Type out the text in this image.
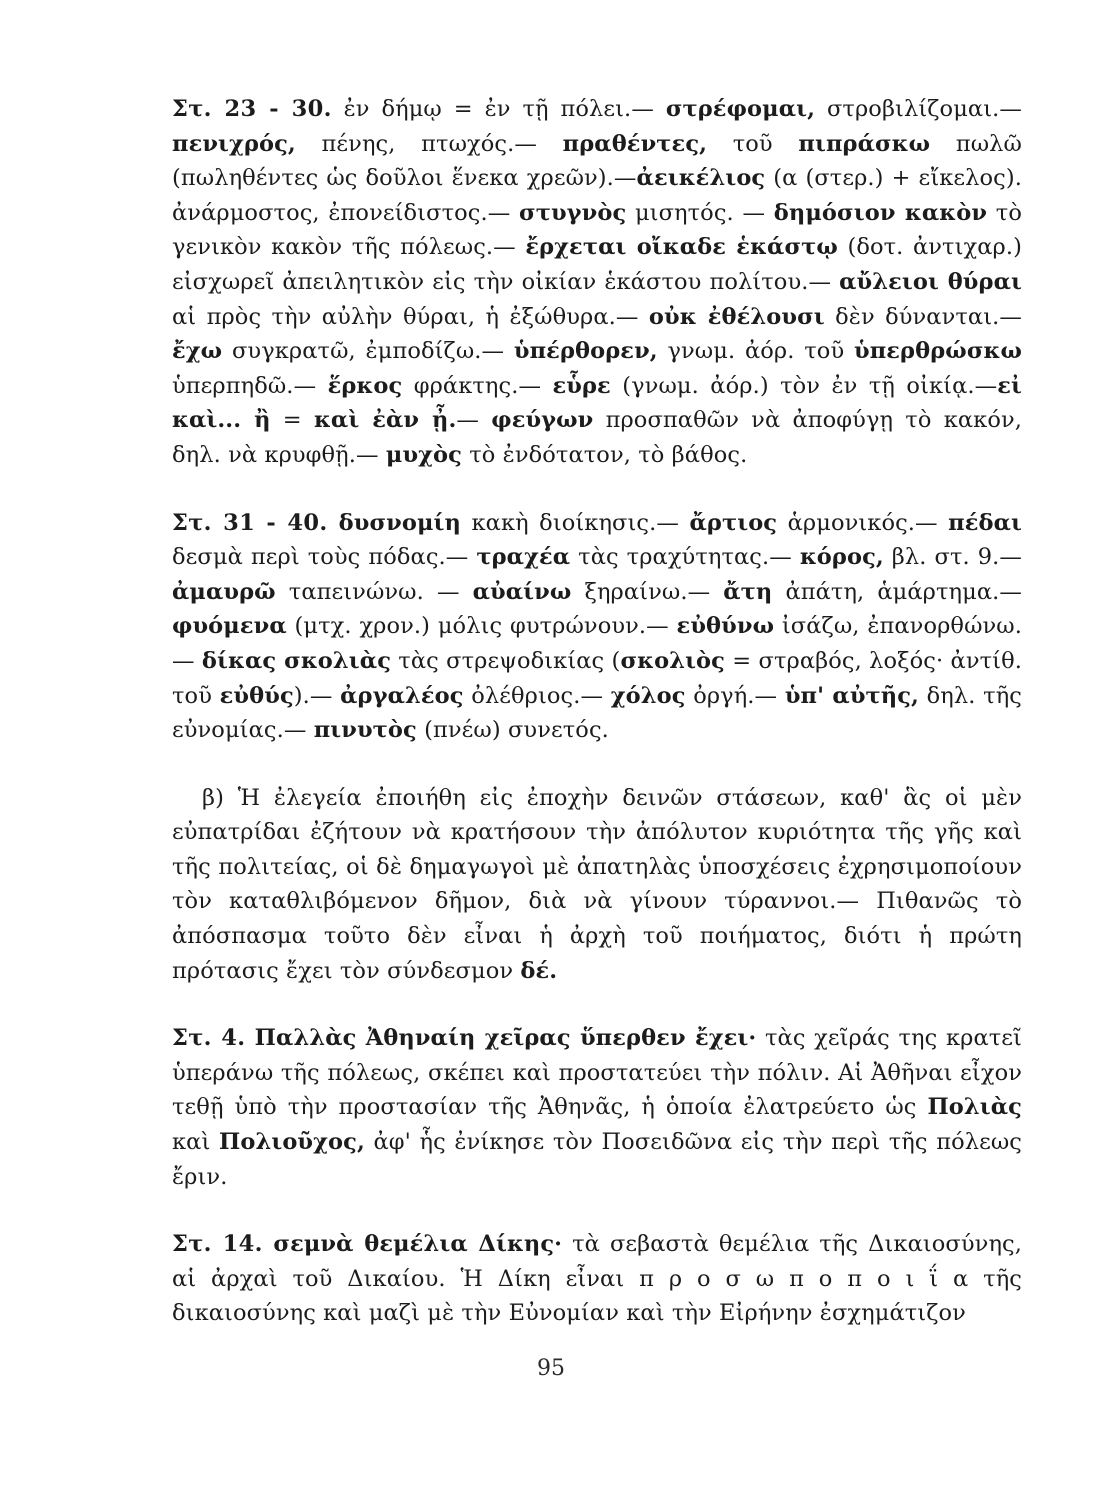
Στ. 23 - 30. ἐν δήμῳ = ἐν τῇ πόλει.— στρέφομαι, στροβιλίζομαι.— πενιχρός, πένης, πτωχός.— πραθέντες, τοῦ πιπράσκω πωλῶ (πωληθέντες ὡς δοῦλοι ἕνεκα χρεῶν).—ἀεικέλιος (α (στερ.) + εἴκελος). ἀνάρμοστος, ἐπονείδιστος.— στυγνὸς μισητός. — δημόσιον κακὸν τὸ γενικὸν κακὸν τῆς πόλεως.— ἔρχεται οἴκαδε ἑκάστῳ (δοτ. ἀντιχαρ.) εἰσχωρεῖ ἀπειλητικὸν εἰς τὴν οἰκίαν ἑκάστου πολίτου.— αὔλειοι θύραι αἱ πρὸς τὴν αὐλὴν θύραι, ἡ ἐξώθυρα.— οὐκ ἐθέλουσι δὲν δύνανται.— ἔχω συγκρατῶ, ἐμποδίζω.— ὑπέρθορεν, γνωμ. ἀόρ. τοῦ ὑπερθρώσκω ὑπερπηδῶ.— ἕρκος φράκτης.— εὗρε (γνωμ. ἀόρ.) τὸν ἐν τῇ οἰκίᾳ.—εἰ καὶ... ἢ = καὶ ἐὰν ᾖ.— φεύγων προσπαθῶν νὰ ἀποφύγῃ τὸ κακόν, δηλ. νὰ κρυφθῇ.— μυχὸς τὸ ἐνδότατον, τὸ βάθος.

Στ. 31 - 40. δυσνομίη κακὴ διοίκησις.— ἄρτιος ἁρμονικός.— πέδαι δεσμὰ περὶ τοὺς πόδας.— τραχέα τὰς τραχύτητας.— κόρος, βλ. στ. 9.— ἀμαυρῶ ταπεινώνω. — αὐαίνω ξηραίνω.— ἄτη ἀπάτη, ἁμάρτημα.— φυόμενα (μτχ. χρον.) μόλις φυτρώνουν.— εὐθύνω ἰσάζω, ἐπανορθώνω.— δίκας σκολιὰς τὰς στρεψοδικίας (σκολιὸς = στραβός, λοξός· ἀντίθ. τοῦ εὐθύς).— ἀργαλέος ὀλέθριος.— χόλος ὀργή.— ὑπ' αὐτῆς, δηλ. τῆς εὐνομίας.— πινυτὸς (πνέω) συνετός.

β) Ἡ ἐλεγεία ἐποιήθη εἰς ἐποχὴν δεινῶν στάσεων, καθ' ἃς οἱ μὲν εὐπατρίδαι ἐζήτουν νὰ κρατήσουν τὴν ἀπόλυτον κυριότητα τῆς γῆς καὶ τῆς πολιτείας, οἱ δὲ δημαγωγοὶ μὲ ἀπατηλὰς ὑποσχέσεις ἐχρησιμοποίουν τὸν καταθλιβόμενον δῆμον, διὰ νὰ γίνουν τύραννοι.— Πιθανῶς τὸ ἀπόσπασμα τοῦτο δὲν εἶναι ἡ ἀρχὴ τοῦ ποιήματος, διότι ἡ πρώτη πρότασις ἔχει τὸν σύνδεσμον δέ.

Στ. 4. Παλλὰς Ἀθηναίη χεῖρας ὕπερθεν ἔχει· τὰς χεῖράς της κρατεῖ ὑπεράνω τῆς πόλεως, σκέπει καὶ προστατεύει τὴν πόλιν. Αἱ Ἀθῆναι εἶχον τεθῇ ὑπὸ τὴν προστασίαν τῆς Ἀθηνᾶς, ἡ ὁποία ἐλατρεύετο ὡς Πολιὰς καὶ Πολιοῦχος, ἀφ' ἧς ἐνίκησε τὸν Ποσειδῶνα εἰς τὴν περὶ τῆς πόλεως ἔριν.

Στ. 14. σεμνὰ θεμέλια Δίκης· τὰ σεβαστὰ θεμέλια τῆς Δικαιοσύνης, αἱ ἀρχαὶ τοῦ Δικαίου. Ἡ Δίκη εἶναι π ρ ο σ ω π ο π ο ι ΐ α τῆς δικαιοσύνης καὶ μαζὶ μὲ τὴν Εὐνομίαν καὶ τὴν Εἰρήνην ἐσχημάτιζον

95
